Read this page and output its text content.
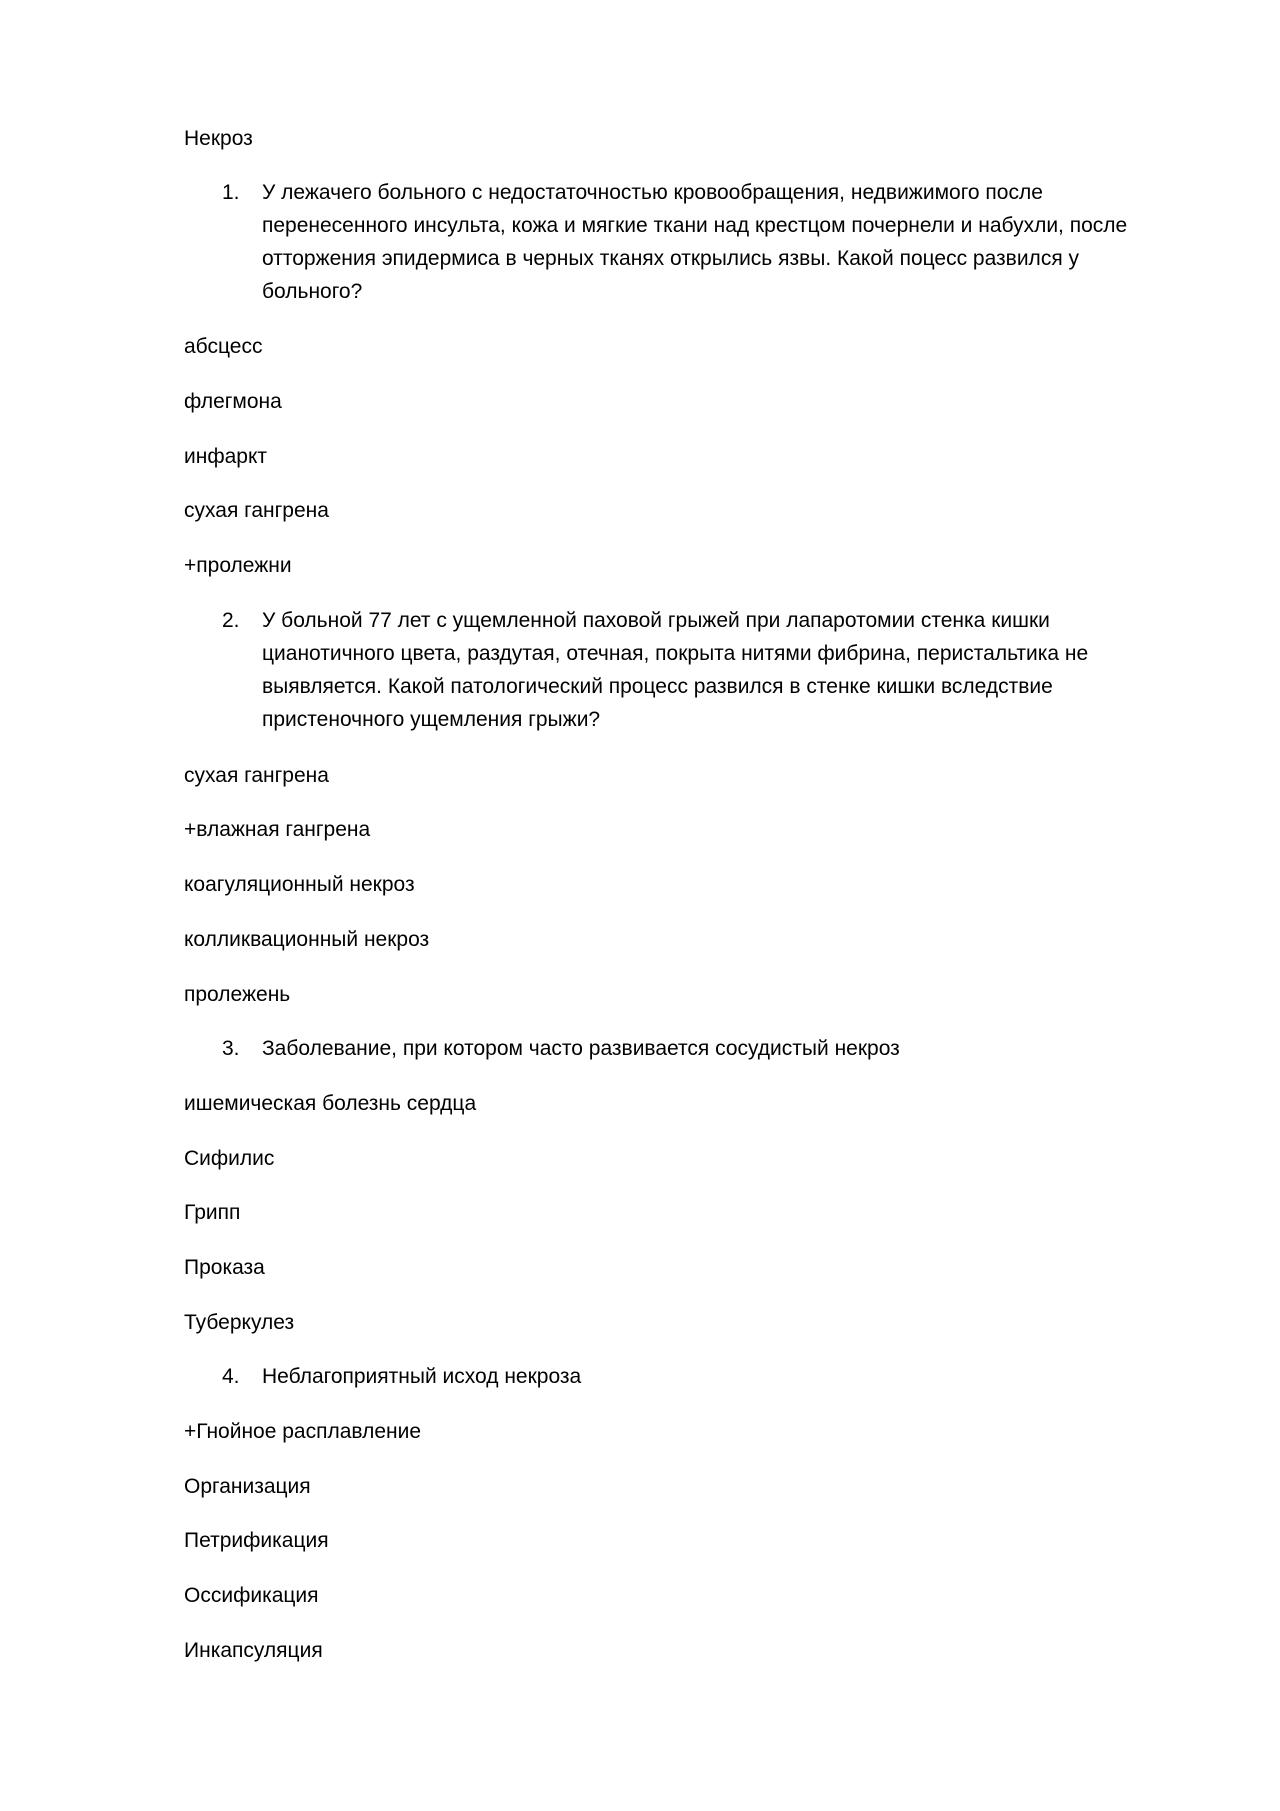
Некроз
1. У лежачего больного с недостаточностью кровообращения, недвижимого после перенесенного инсульта, кожа и мягкие ткани над крестцом почернели и набухли, после отторжения эпидермиса в черных тканях открылись язвы. Какой поцесс развился у больного?
абсцесс
флегмона
инфаркт
сухая гангрена
+пролежни
2. У больной 77 лет с ущемленной паховой грыжей при лапаротомии стенка кишки цианотичного цвета, раздутая, отечная, покрыта нитями фибрина, перистальтика не выявляется. Какой патологический процесс развился в стенке кишки вследствие пристеночного ущемления грыжи?
сухая гангрена
+влажная гангрена
коагуляционный некроз
колликвационный некроз
пролежень
3. Заболевание, при котором часто развивается сосудистый некроз
ишемическая болезнь сердца
Сифилис
Грипп
Проказа
Туберкулез
4. Неблагоприятный исход некроза
+Гнойное расплавление
Организация
Петрификация
Оссификация
Инкапсуляция
